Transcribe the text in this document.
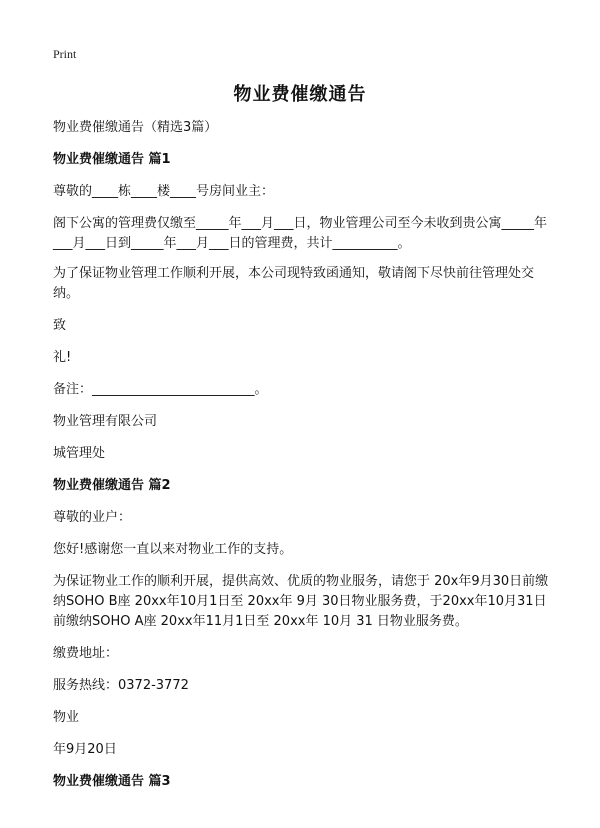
Print
物业费催缴通告

物业费催缴通告（精选3篇）

物业费催缴通告 篇1

尊敬的____栋____楼____号房间业主：

阁下公寓的管理费仅缴至_____年___月___日，物业管理公司至今未收到贵公寓_____年___月___日到_____年___月___日的管理费，共计__________。

为了保证物业管理工作顺利开展，本公司现特致函通知，敬请阁下尽快前往管理处交纳。

致

礼!

备注：_________________________。

物业管理有限公司

城管理处

物业费催缴通告 篇2

尊敬的业户：

您好!感谢您一直以来对物业工作的支持。

为保证物业工作的顺利开展，提供高效、优质的物业服务，请您于 20x年9月30日前缴纳SOHO B座 20xx年10月1日至 20xx年 9月 30日物业服务费，于20xx年10月31日前缴纳SOHO A座 20xx年11月1日至 20xx年 10月 31 日物业服务费。

缴费地址：

服务热线：0372-3772

物业

年9月20日

物业费催缴通告 篇3
